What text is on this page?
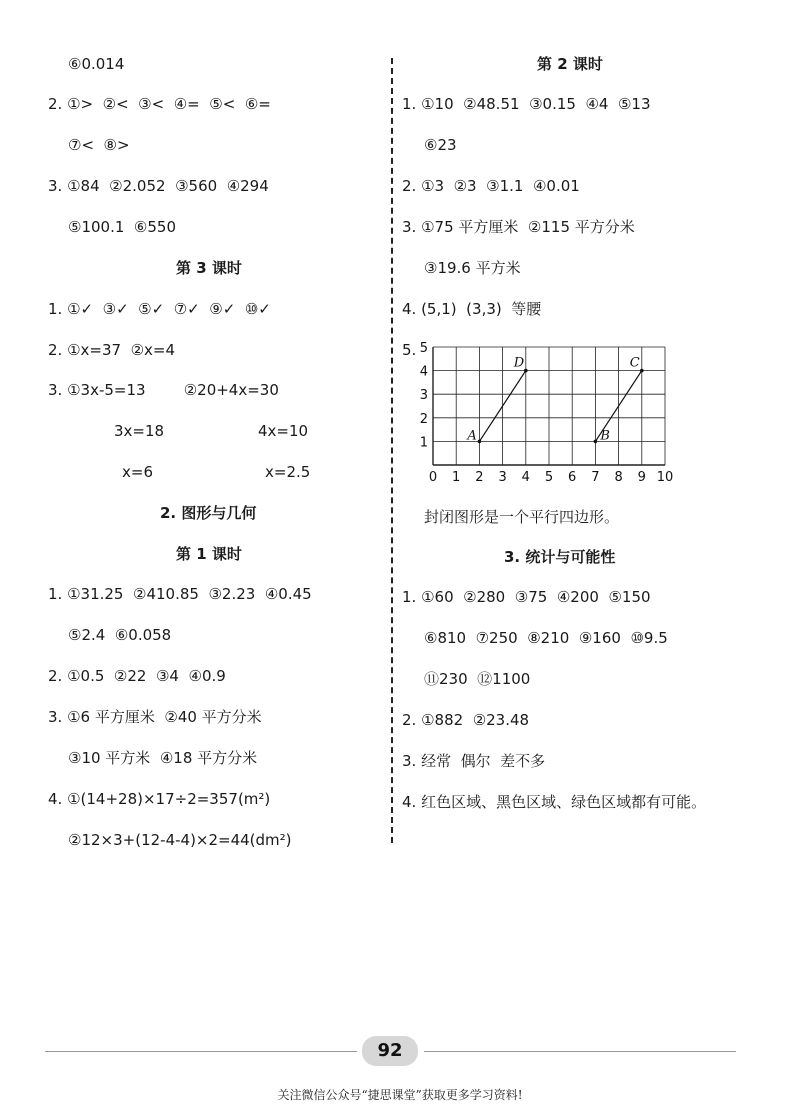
⑥0.014
2. ①>  ②<  ③<  ④=  ⑤<  ⑥=
⑦<  ⑧>
3. ①84  ②2.052  ③560  ④294
⑤100.1  ⑥550
第 3 课时
1. ①✓  ③✓  ⑤✓  ⑦✓  ⑨✓  ⑩✓
2. ①x=37  ②x=4
3. ①3x-5=13        ②20+4x=30
3x=18	4x=10
x=6	x=2.5
2. 图形与几何
第 1 课时
1. ①31.25  ②410.85  ③2.23  ④0.45
⑤2.4  ⑥0.058
2. ①0.5  ②22  ③4  ④0.9
3. ①6 平方厘米  ②40 平方分米
③10 平方米  ④18 平方分米
4. ①(14+28)×17÷2=357(m²)
②12×3+(12-4-4)×2=44(dm²)
第 2 课时
1. ①10  ②48.51  ③0.15  ④4  ⑤13
⑥23
2. ①3  ②3  ③1.1  ④0.01
3. ①75 平方厘米  ②115 平方分米
③19.6 平方米
4. (5,1)  (3,3)  等腰
5.
封闭图形是一个平行四边形。
3. 统计与可能性
1. ①60  ②280  ③75  ④200  ⑤150
⑥810  ⑦250  ⑧210  ⑨160  ⑩9.5
⑪230  ⑫1100
2. ①882  ②23.48
3. 经常  偶尔  差不多
4. 红色区域、黑色区域、绿色区域都有可能。
0 1 2 3 4 5 6 7 8 9 10
1
2
3
4
5
A
D
B
C
92
关注微信公众号“捷思课堂”获取更多学习资料!
